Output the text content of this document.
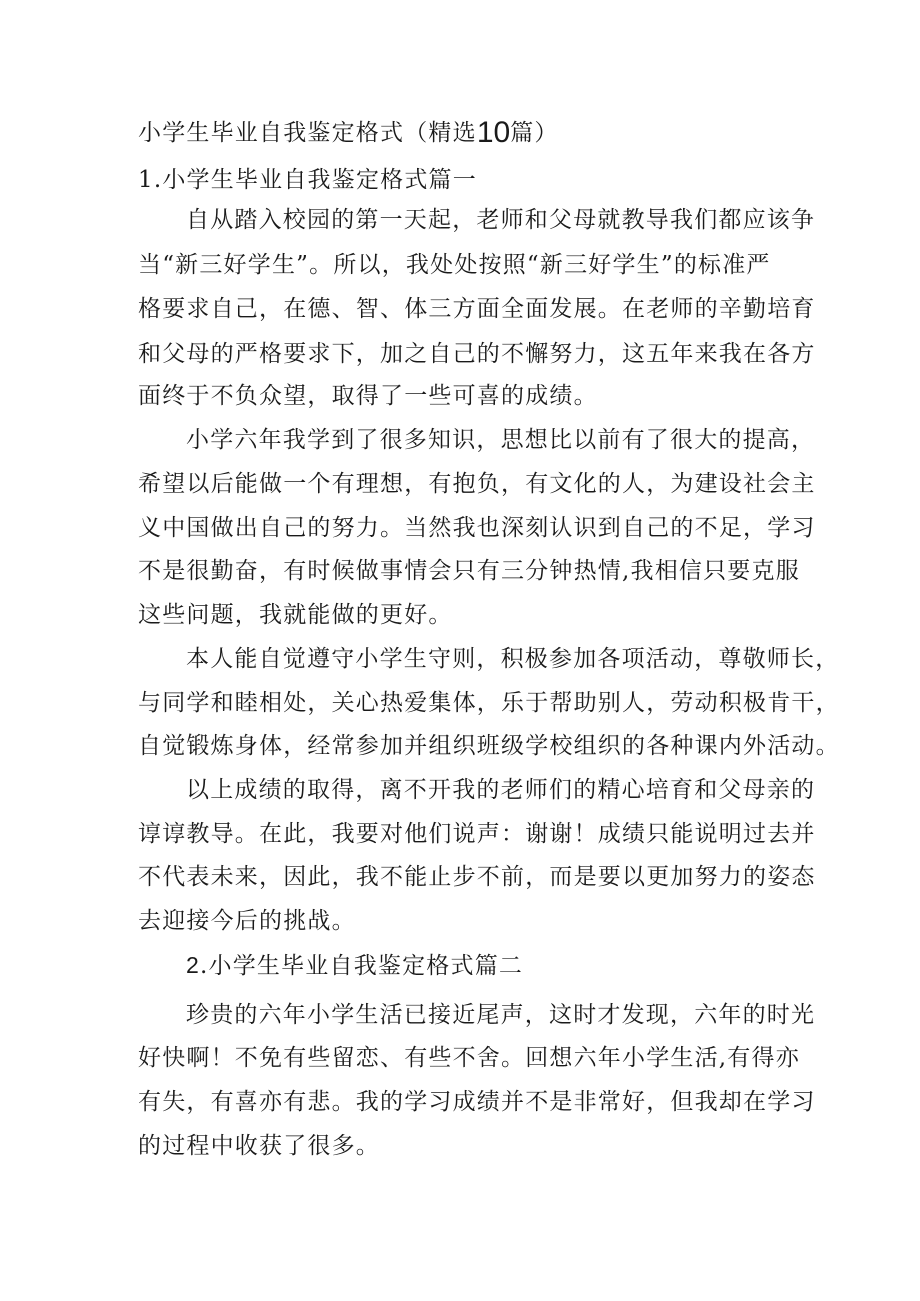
小学生毕业自我鉴定格式（精选10篇）
1.小学生毕业自我鉴定格式篇一
自从踏入校园的第一天起，老师和父母就教导我们都应该争
当“新三好学生”。所以，我处处按照“新三好学生”的标准严
格要求自己，在德、智、体三方面全面发展。在老师的辛勤培育
和父母的严格要求下，加之自己的不懈努力，这五年来我在各方
面终于不负众望，取得了一些可喜的成绩。
小学六年我学到了很多知识，思想比以前有了很大的提高，
希望以后能做一个有理想，有抱负，有文化的人，为建设社会主
义中国做出自己的努力。当然我也深刻认识到自己的不足，学习
不是很勤奋，有时候做事情会只有三分钟热情,我相信只要克服
这些问题，我就能做的更好。
本人能自觉遵守小学生守则，积极参加各项活动，尊敬师长，
与同学和睦相处，关心热爱集体，乐于帮助别人，劳动积极肯干，
自觉锻炼身体，经常参加并组织班级学校组织的各种课内外活动。
以上成绩的取得，离不开我的老师们的精心培育和父母亲的
谆谆教导。在此，我要对他们说声：谢谢！成绩只能说明过去并
不代表未来，因此，我不能止步不前，而是要以更加努力的姿态
去迎接今后的挑战。
2.小学生毕业自我鉴定格式篇二
珍贵的六年小学生活已接近尾声，这时才发现，六年的时光
好快啊！不免有些留恋、有些不舍。回想六年小学生活,有得亦
有失，有喜亦有悲。我的学习成绩并不是非常好，但我却在学习
的过程中收获了很多。
